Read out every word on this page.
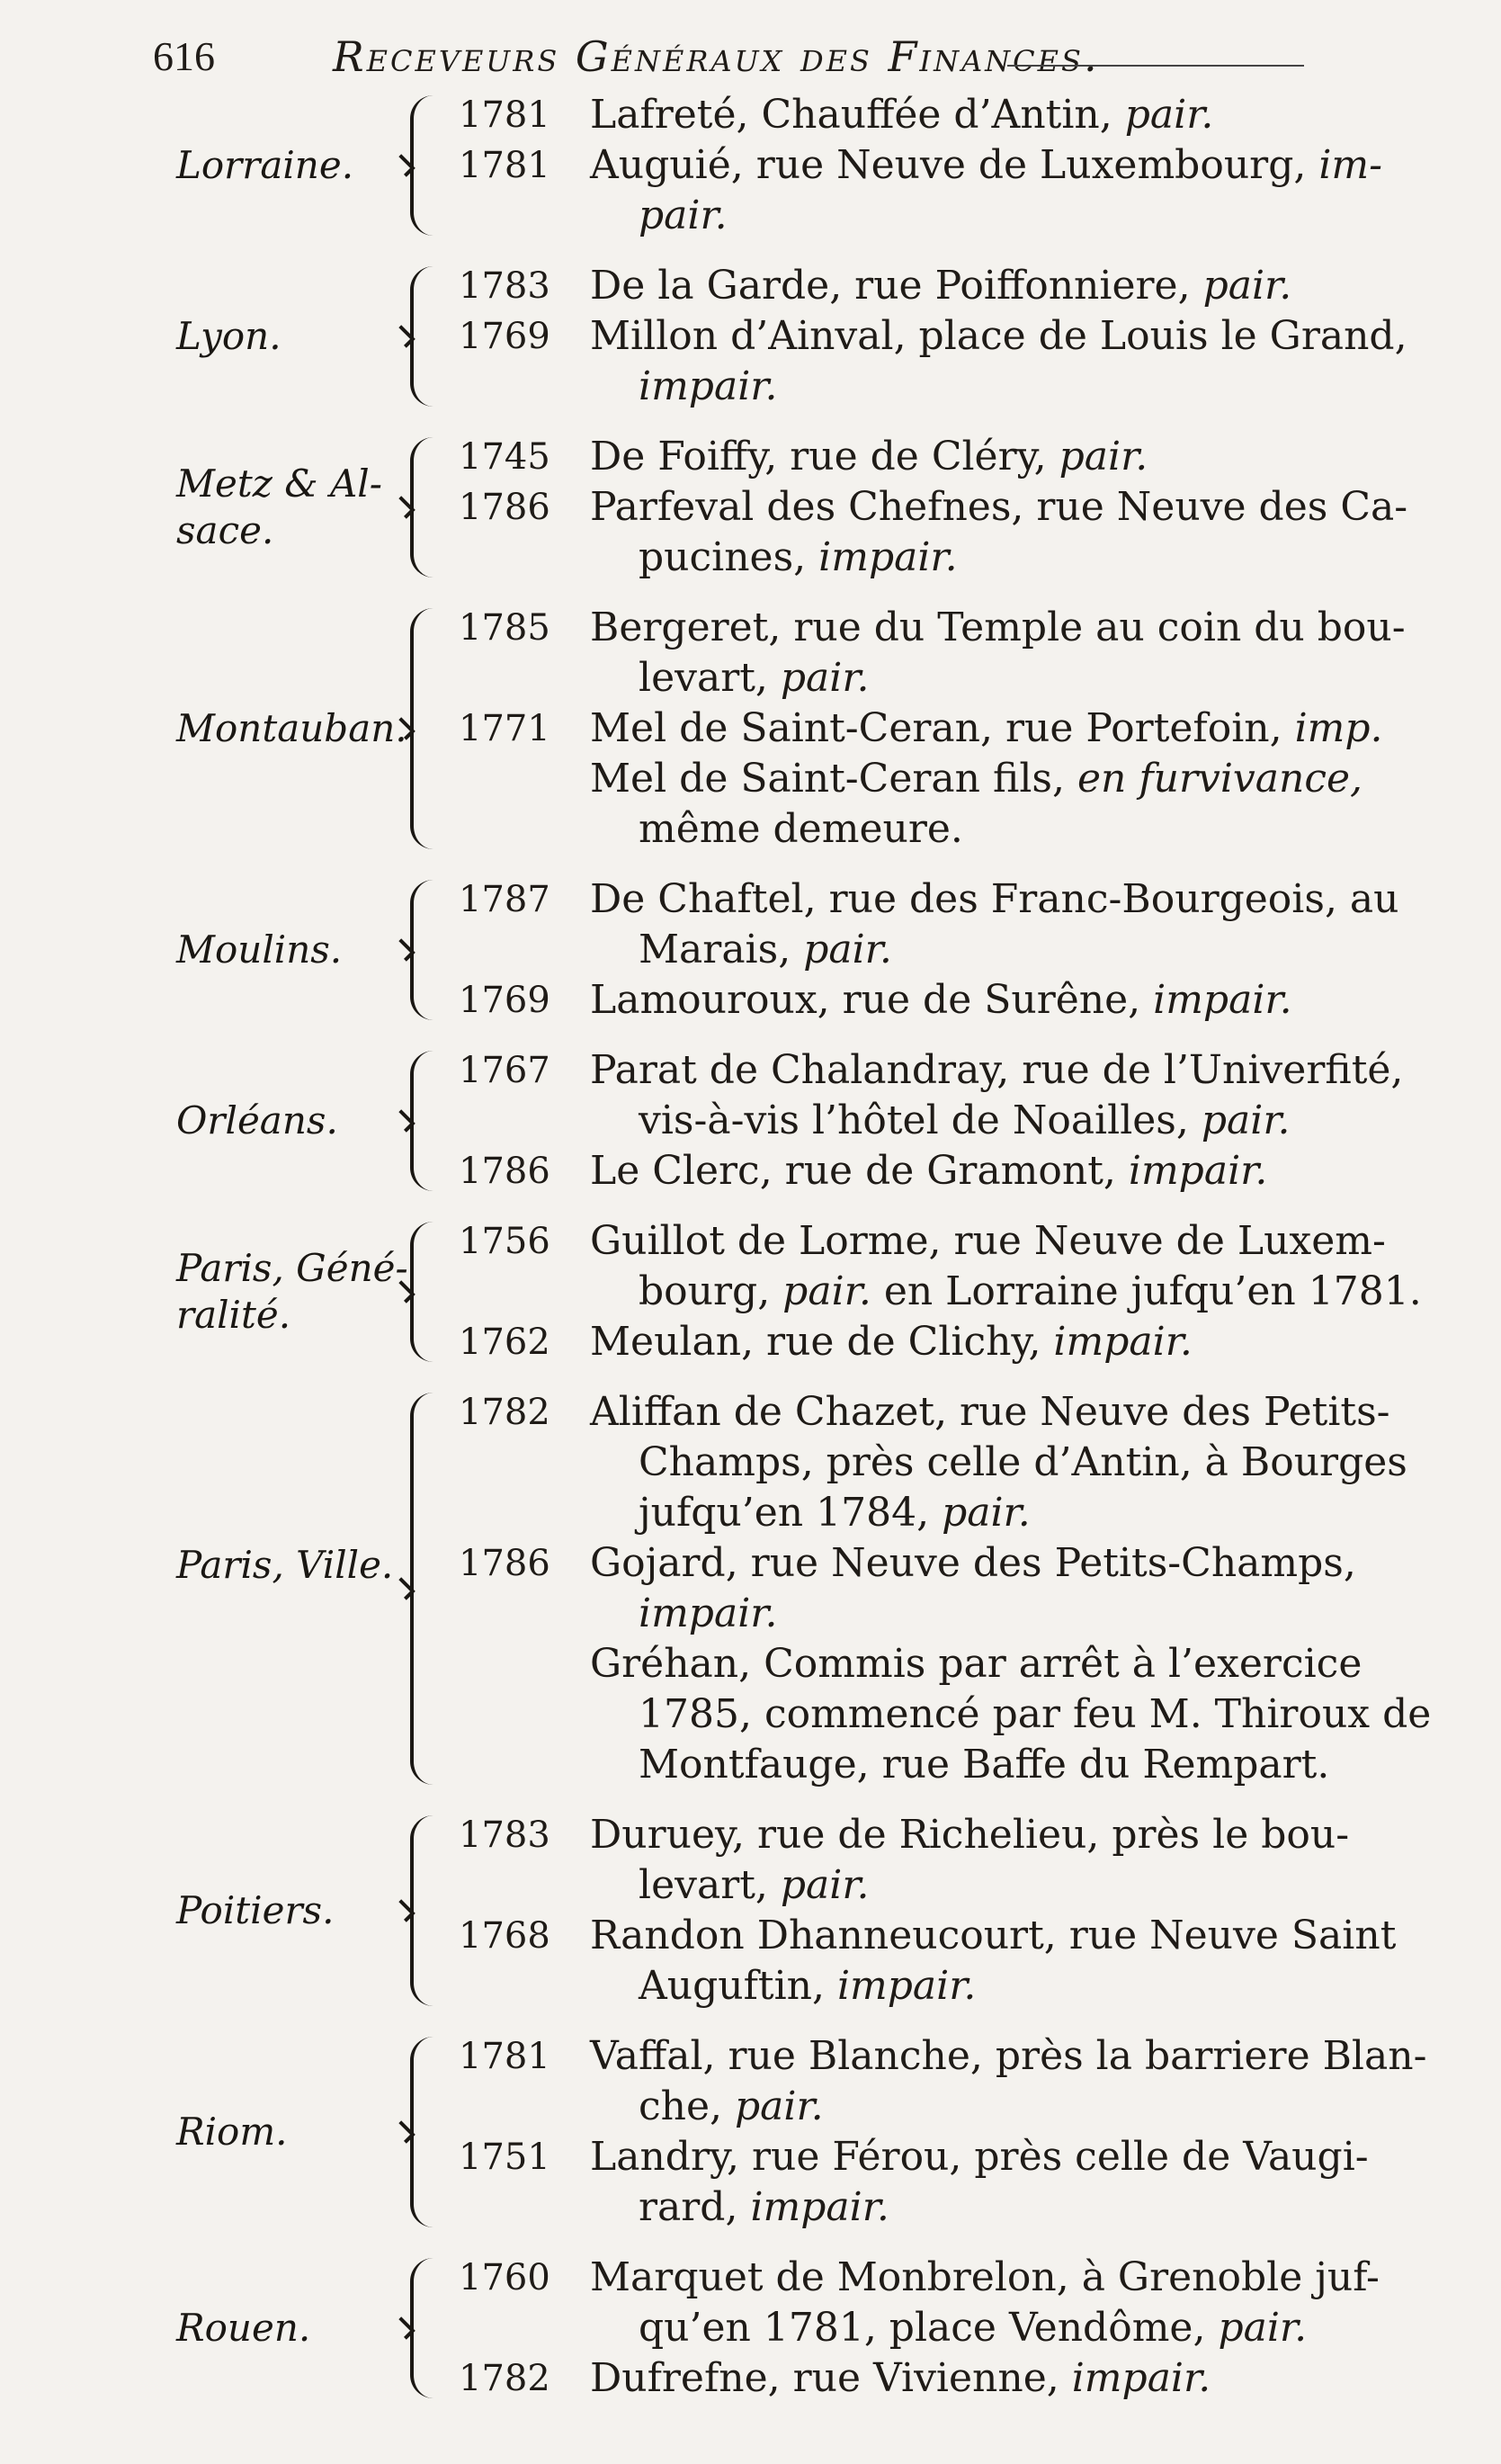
616	Receveurs Généraux des Finances.
Lorraine.
1781	Lafreté, Chauffée d’Antin, pair.
1781	Auguié, rue Neuve de Luxembourg, im-
pair.
Lyon.
1783	De la Garde, rue Poiffonniere, pair.
1769	Millon d’Ainval, place de Louis le Grand,
impair.
Metz & Al-sace.
1745	De Foiffy, rue de Cléry, pair.
1786	Parfeval des Chefnes, rue Neuve des Ca-
pucines, impair.
Montauban.
1785	Bergeret, rue du Temple au coin du bou-
levart, pair.
1771	Mel de Saint-Ceran, rue Portefoin, imp.
Mel de Saint-Ceran fils, en furvivance,
même demeure.
Moulins.
1787	De Chaftel, rue des Franc-Bourgeois, au
Marais, pair.
1769	Lamouroux, rue de Surêne, impair.
Orléans.
1767	Parat de Chalandray, rue de l’Univerfité,
vis-à-vis l’hôtel de Noailles, pair.
1786	Le Clerc, rue de Gramont, impair.
Paris, Géné-ralité.
1756	Guillot de Lorme, rue Neuve de Luxem-
bourg, pair. en Lorraine jufqu’en 1781.
1762	Meulan, rue de Clichy, impair.
Paris, Ville.
1782	Aliffan de Chazet, rue Neuve des Petits-
Champs, près celle d’Antin, à Bourges
jufqu’en 1784, pair.
1786	Gojard, rue Neuve des Petits-Champs,
impair.
Gréhan, Commis par arrêt à l’exercice
1785, commencé par feu M. Thiroux de
Montfauge, rue Baffe du Rempart.
Poitiers.
1783	Duruey, rue de Richelieu, près le bou-
levart, pair.
1768	Randon Dhanneucourt, rue Neuve Saint
Auguftin, impair.
Riom.
1781	Vaffal, rue Blanche, près la barriere Blan-
che, pair.
1751	Landry, rue Férou, près celle de Vaugi-
rard, impair.
Rouen.
1760	Marquet de Monbrelon, à Grenoble juf-
qu’en 1781, place Vendôme, pair.
1782	Dufrefne, rue Vivienne, impair.
